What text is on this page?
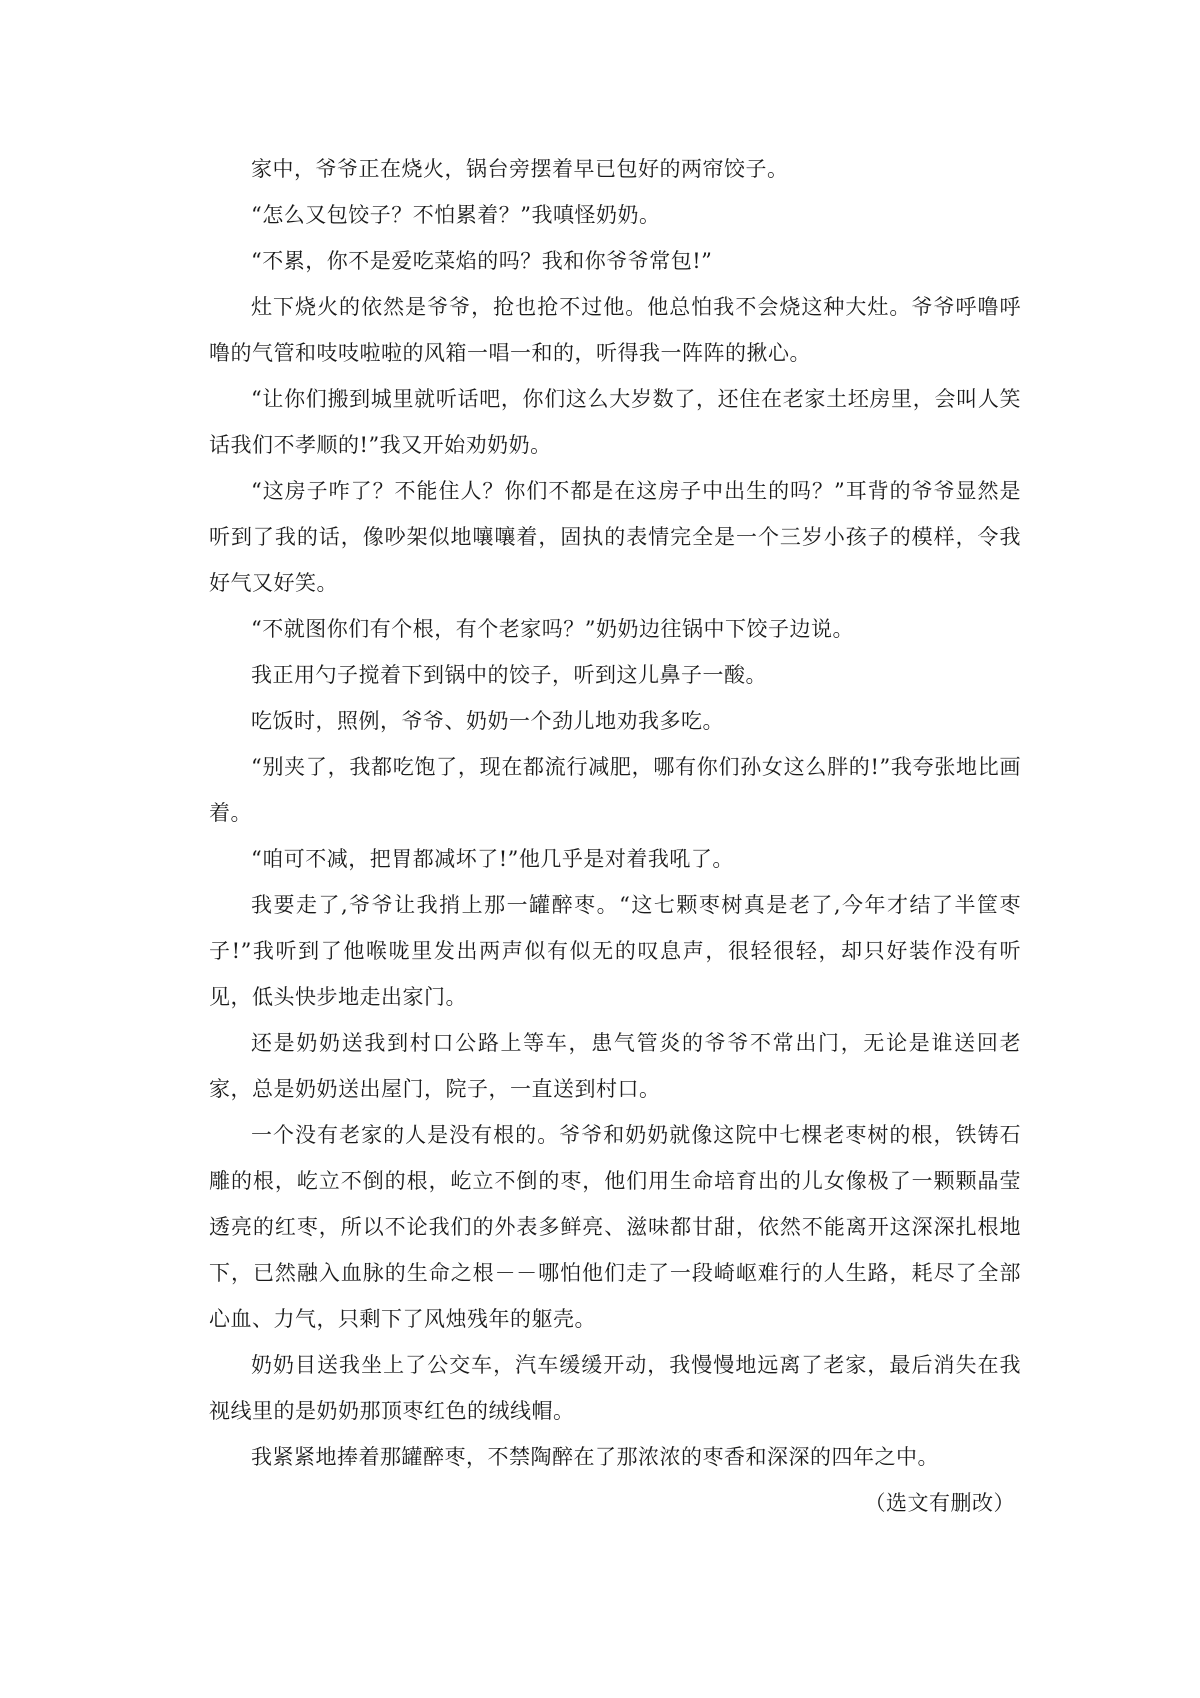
家中，爷爷正在烧火，锅台旁摆着早已包好的两帘饺子。

“怎么又包饺子？不怕累着？”我嗔怪奶奶。

“不累，你不是爱吃菜焰的吗？我和你爷爷常包!”

灶下烧火的依然是爷爷，抢也抢不过他。他总怕我不会烧这种大灶。爷爷呼噜呼噜的气管和吱吱啦啦的风箱一唱一和的，听得我一阵阵的揪心。

“让你们搬到城里就听话吧，你们这么大岁数了，还住在老家土坯房里，会叫人笑话我们不孝顺的!”我又开始劝奶奶。

“这房子咋了？不能住人？你们不都是在这房子中出生的吗？”耳背的爷爷显然是听到了我的话，像吵架似地嚷嚷着，固执的表情完全是一个三岁小孩子的模样，令我好气又好笑。

“不就图你们有个根，有个老家吗？”奶奶边往锅中下饺子边说。

我正用勺子搅着下到锅中的饺子，听到这儿鼻子一酸。

吃饭时，照例，爷爷、奶奶一个劲儿地劝我多吃。

“别夹了，我都吃饱了，现在都流行减肥，哪有你们孙女这么胖的!”我夸张地比画着。

“咱可不减，把胃都减坏了!”他几乎是对着我吼了。

我要走了,爷爷让我捎上那一罐醉枣。“这七颗枣树真是老了,今年才结了半筐枣子!”我听到了他喉咙里发出两声似有似无的叹息声，很轻很轻，却只好装作没有听见，低头快步地走出家门。

还是奶奶送我到村口公路上等车，患气管炎的爷爷不常出门，无论是谁送回老家，总是奶奶送出屋门，院子，一直送到村口。

一个没有老家的人是没有根的。爷爷和奶奶就像这院中七棵老枣树的根，铁铸石雕的根，屹立不倒的根，屹立不倒的枣，他们用生命培育出的儿女像极了一颗颗晶莹透亮的红枣，所以不论我们的外表多鲜亮、滋味都甘甜，依然不能离开这深深扎根地下，已然融入血脉的生命之根－－哪怕他们走了一段崎岖难行的人生路，耗尽了全部心血、力气，只剩下了风烛残年的躯壳。

奶奶目送我坐上了公交车，汽车缓缓开动，我慢慢地远离了老家，最后消失在我视线里的是奶奶那顶枣红色的绒线帽。

我紧紧地捧着那罐醉枣，不禁陶醉在了那浓浓的枣香和深深的四年之中。

（选文有删改）
